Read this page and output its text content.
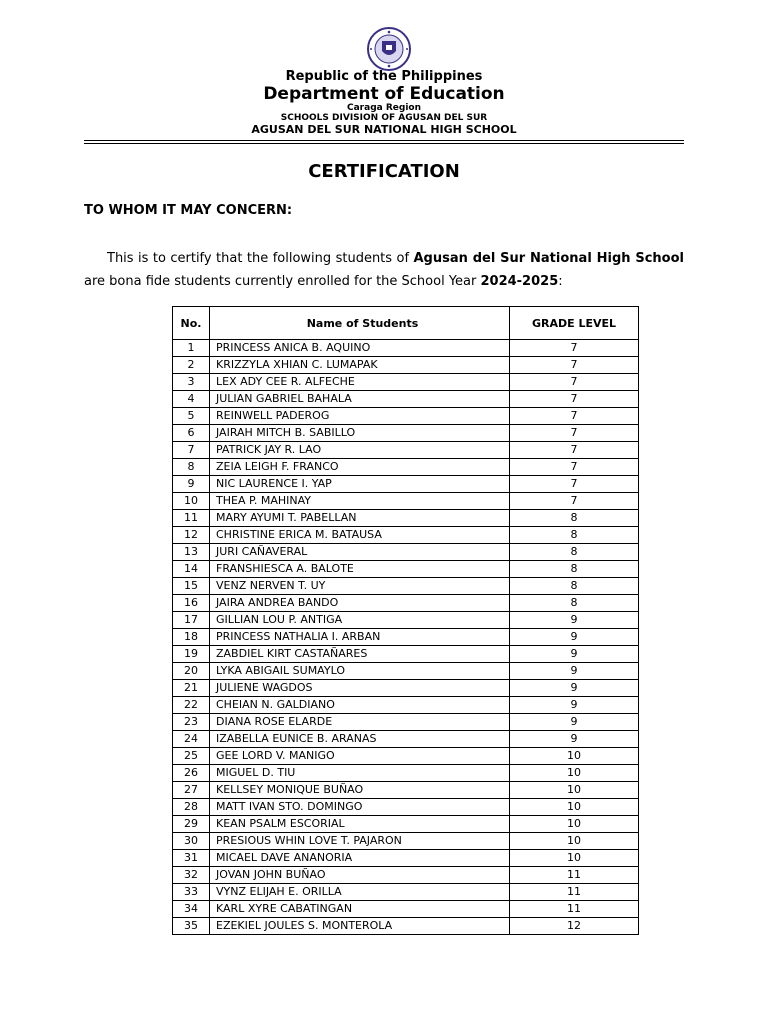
Republic of the Philippines
Department of Education
Caraga Region
SCHOOLS DIVISION OF AGUSAN DEL SUR
AGUSAN DEL SUR NATIONAL HIGH SCHOOL
CERTIFICATION
TO WHOM IT MAY CONCERN:
This is to certify that the following students of Agusan del Sur National High School are bona fide students currently enrolled for the School Year 2024-2025:
No.	Name of Students	GRADE LEVEL
1	PRINCESS ANICA B. AQUINO	7
2	KRIZZYLA XHIAN C. LUMAPAK	7
3	LEX ADY CEE R. ALFECHE	7
4	JULIAN GABRIEL BAHALA	7
5	REINWELL PADEROG	7
6	JAIRAH MITCH B. SABILLO	7
7	PATRICK JAY R. LAO	7
8	ZEIA LEIGH F. FRANCO	7
9	NIC LAURENCE I. YAP	7
10	THEA P. MAHINAY	7
11	MARY AYUMI T. PABELLAN	8
12	CHRISTINE ERICA M. BATAUSA	8
13	JURI CAÑAVERAL	8
14	FRANSHIESCA A. BALOTE	8
15	VENZ NERVEN T. UY	8
16	JAIRA ANDREA BANDO	8
17	GILLIAN LOU P. ANTIGA	9
18	PRINCESS NATHALIA I. ARBAN	9
19	ZABDIEL KIRT CASTAÑARES	9
20	LYKA ABIGAIL SUMAYLO	9
21	JULIENE WAGDOS	9
22	CHEIAN N. GALDIANO	9
23	DIANA ROSE ELARDE	9
24	IZABELLA EUNICE B. ARANAS	9
25	GEE LORD V. MANIGO	10
26	MIGUEL D. TIU	10
27	KELLSEY MONIQUE BUÑAO	10
28	MATT IVAN STO. DOMINGO	10
29	KEAN PSALM ESCORIAL	10
30	PRESIOUS WHIN LOVE T. PAJARON	10
31	MICAEL DAVE ANANORIA	10
32	JOVAN JOHN BUÑAO	11
33	VYNZ ELIJAH E. ORILLA	11
34	KARL XYRE CABATINGAN	11
35	EZEKIEL JOULES S. MONTEROLA	12
